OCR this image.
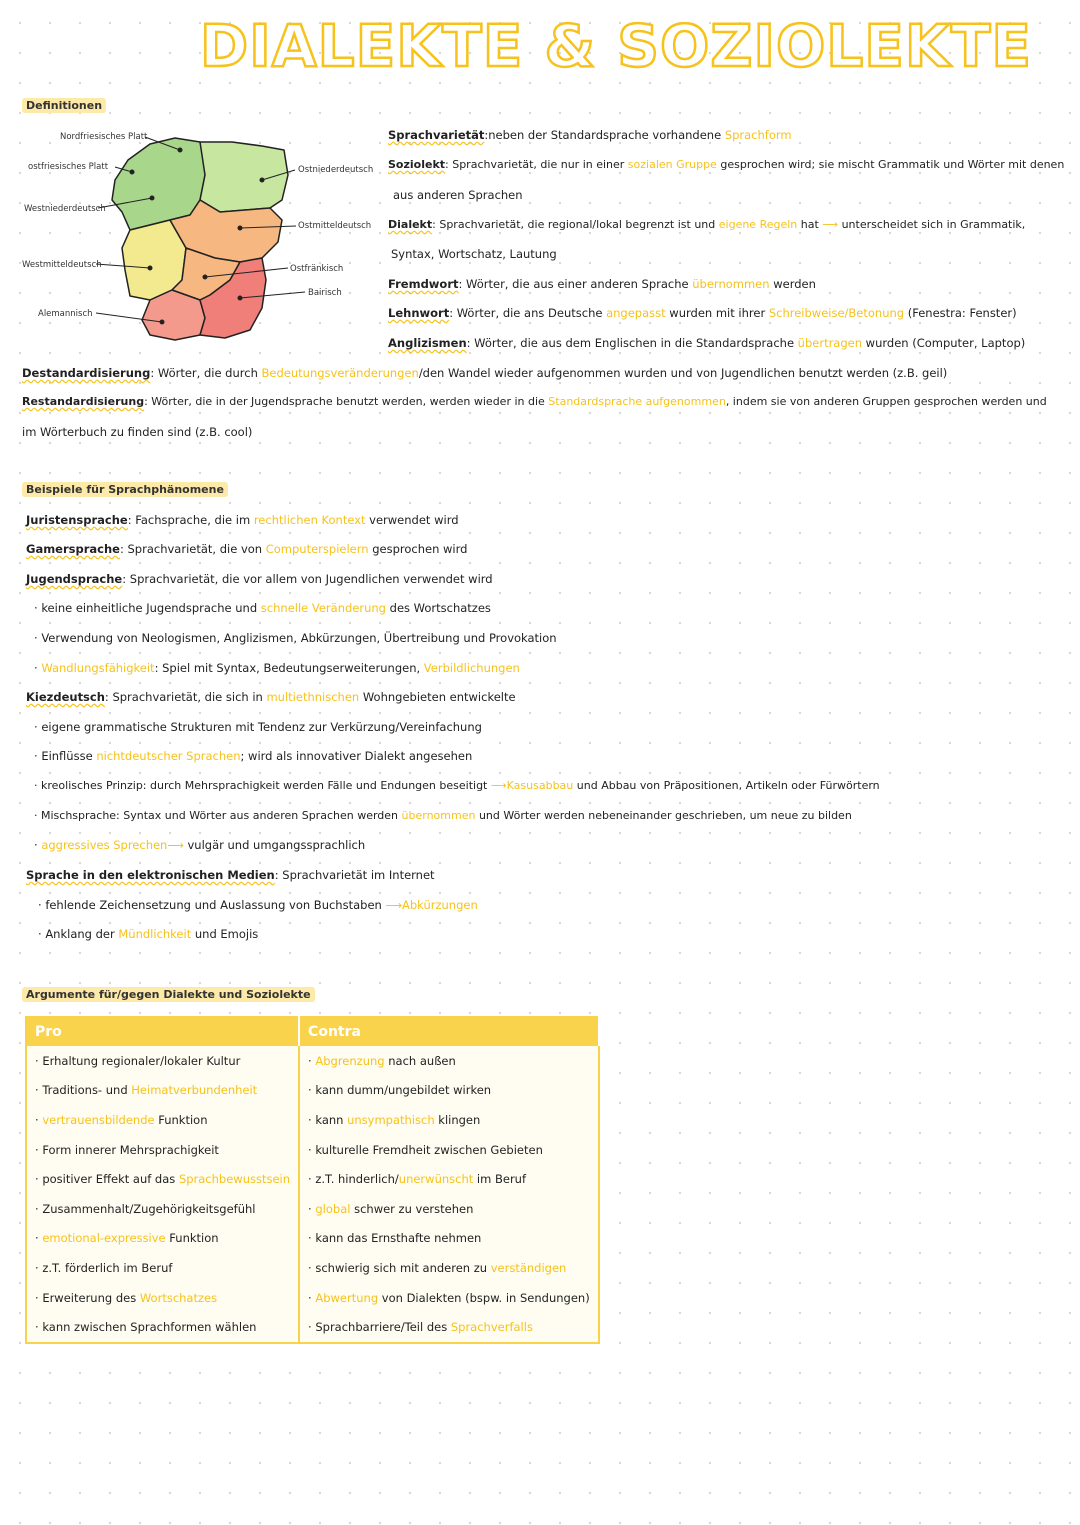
DIALEKTE & SOZIOLEKTE
Definitionen
Nordfriesisches Platt
ostfriesisches Platt
Westniederdeutsch
Westmitteldeutsch
Alemannisch
Ostniederdeutsch
Ostmitteldeutsch
Ostfränkisch
Bairisch
Sprachvarietät:neben der Standardsprache vorhandene Sprachform
Soziolekt: Sprachvarietät, die nur in einer sozialen Gruppe gesprochen wird; sie mischt Grammatik und Wörter mit denen
aus anderen Sprachen
Dialekt: Sprachvarietät, die regional/lokal begrenzt ist und eigene Regeln hat ⟶ unterscheidet sich in Grammatik,
Syntax, Wortschatz, Lautung
Fremdwort: Wörter, die aus einer anderen Sprache übernommen werden
Lehnwort: Wörter, die ans Deutsche angepasst wurden mit ihrer Schreibweise/Betonung (Fenestra: Fenster)
Anglizismen: Wörter, die aus dem Englischen in die Standardsprache übertragen wurden (Computer, Laptop)
Destandardisierung: Wörter, die durch Bedeutungsveränderungen/den Wandel wieder aufgenommen wurden und von Jugendlichen benutzt werden (z.B. geil)
Restandardisierung: Wörter, die in der Jugendsprache benutzt werden, werden wieder in die Standardsprache aufgenommen, indem sie von anderen Gruppen gesprochen werden und
im Wörterbuch zu finden sind (z.B. cool)
Beispiele für Sprachphänomene
Juristensprache: Fachsprache, die im rechtlichen Kontext verwendet wird
Gamersprache: Sprachvarietät, die von Computerspielern gesprochen wird
Jugendsprache: Sprachvarietät, die vor allem von Jugendlichen verwendet wird
· keine einheitliche Jugendsprache und schnelle Veränderung des Wortschatzes
· Verwendung von Neologismen, Anglizismen, Abkürzungen, Übertreibung und Provokation
· Wandlungsfähigkeit: Spiel mit Syntax, Bedeutungserweiterungen, Verbildlichungen
Kiezdeutsch: Sprachvarietät, die sich in multiethnischen Wohngebieten entwickelte
· eigene grammatische Strukturen mit Tendenz zur Verkürzung/Vereinfachung
· Einflüsse nichtdeutscher Sprachen; wird als innovativer Dialekt angesehen
· kreolisches Prinzip: durch Mehrsprachigkeit werden Fälle und Endungen beseitigt ⟶Kasusabbau und Abbau von Präpositionen, Artikeln oder Fürwörtern
· Mischsprache: Syntax und Wörter aus anderen Sprachen werden übernommen und Wörter werden nebeneinander geschrieben, um neue zu bilden
· aggressives Sprechen⟶ vulgär und umgangssprachlich
Sprache in den elektronischen Medien: Sprachvarietät im Internet
· fehlende Zeichensetzung und Auslassung von Buchstaben ⟶Abkürzungen
· Anklang der Mündlichkeit und Emojis
Argumente für/gegen Dialekte und Soziolekte
Pro	Contra
· Erhaltung regionaler/lokaler Kultur	· Abgrenzung nach außen
· Traditions- und Heimatverbundenheit	· kann dumm/ungebildet wirken
· vertrauensbildende Funktion	· kann unsympathisch klingen
· Form innerer Mehrsprachigkeit	· kulturelle Fremdheit zwischen Gebieten
· positiver Effekt auf das Sprachbewusstsein	· z.T. hinderlich/unerwünscht im Beruf
· Zusammenhalt/Zugehörigkeitsgefühl	· global schwer zu verstehen
· emotional-expressive Funktion	· kann das Ernsthafte nehmen
· z.T. förderlich im Beruf	· schwierig sich mit anderen zu verständigen
· Erweiterung des Wortschatzes	· Abwertung von Dialekten (bspw. in Sendungen)
· kann zwischen Sprachformen wählen	· Sprachbarriere/Teil des Sprachverfalls
